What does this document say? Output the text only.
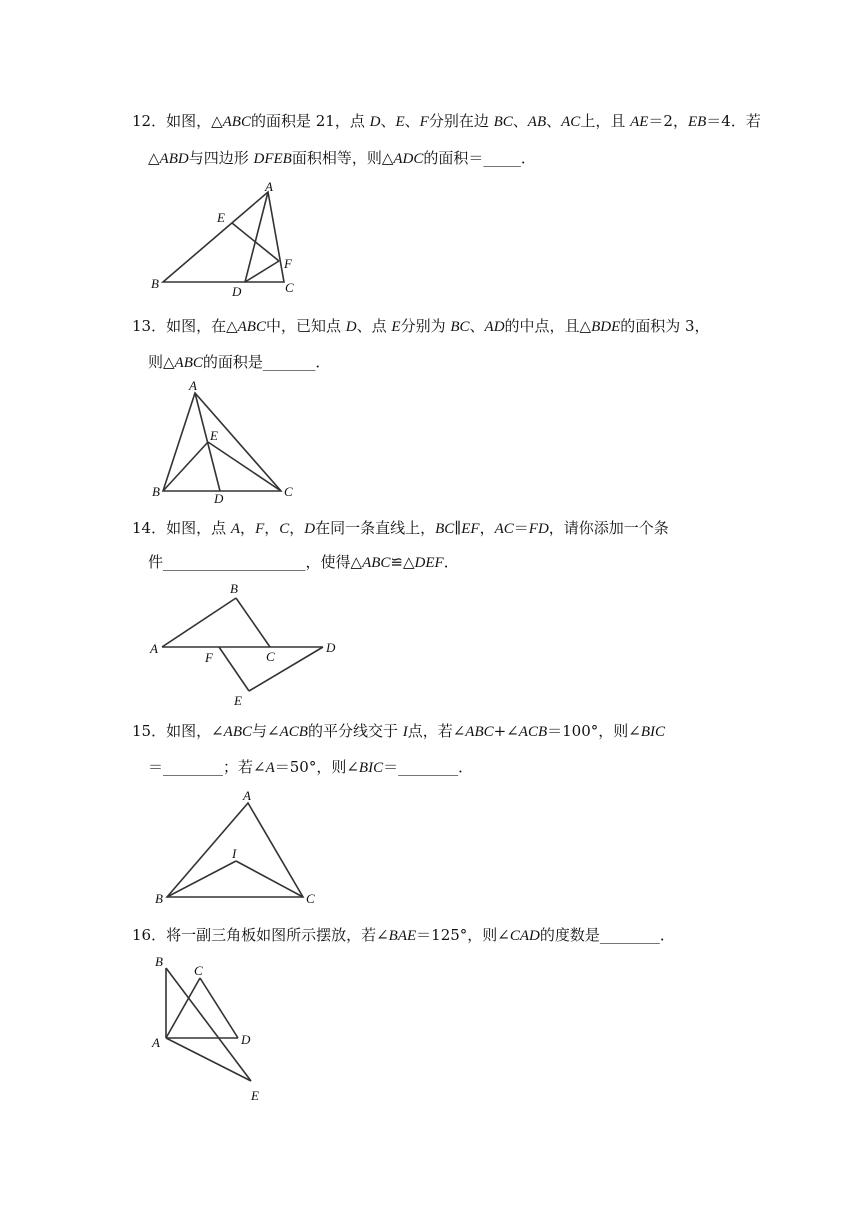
12．如图，△ABC的面积是 21，点 D、E、F分别在边 BC、AB、AC上，且 AE＝2，EB＝4．若
△ABD与四边形 DFEB面积相等，则△ADC的面积＝_____．
A
E
F
B
D	C
13．如图，在△ABC中，已知点 D、点 E分别为 BC、AD的中点，且△BDE的面积为 3，
则△ABC的面积是_______．
A
E
B	D	C
14．如图，点 A，F，C，D在同一条直线上，BC∥EF，AC＝FD，请你添加一个条
件___________________，使得△ABC≌△DEF．
B
A
F	C
D
E
15．如图，∠ABC与∠ACB的平分线交于 I点，若∠ABC+∠ACB＝100°，则∠BIC
＝________；若∠A＝50°，则∠BIC＝________．
A
I
B	C
16．将一副三角板如图所示摆放，若∠BAE＝125°，则∠CAD的度数是________．
B
C
A	D
E
